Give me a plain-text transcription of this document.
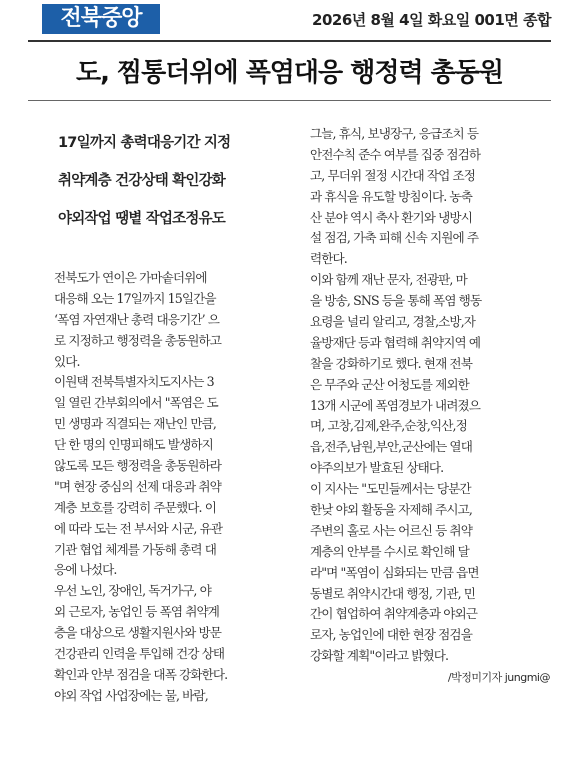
전북중앙	2026년 8월 4일 화요일 001면 종합
도, 찜통더위에 폭염대응 행정력 총동원
17일까지 총력대응기간 지정
취약계층 건강상태 확인강화
야외작업 땡볕 작업조정유도
전북도가 연이은 가마솥더위에
대응해 오는 17일까지 15일간을
‘폭염 자연재난 총력 대응기간’ 으
로 지정하고 행정력을 총동원하고
있다.
이원택 전북특별자치도지사는 3
일 열린 간부회의에서 "폭염은 도
민 생명과 직결되는 재난인 만큼,
단 한 명의 인명피해도 발생하지
않도록 모든 행정력을 총동원하라
"며 현장 중심의 선제 대응과 취약
계층 보호를 강력히 주문했다. 이
에 따라 도는 전 부서와 시군, 유관
기관 협업 체계를 가동해 총력 대
응에 나섰다.
우선 노인, 장애인, 독거가구, 야
외 근로자, 농업인 등 폭염 취약계
층을 대상으로 생활지원사와 방문
건강관리 인력을 투입해 건강 상태
확인과 안부 점검을 대폭 강화한다.
야외 작업 사업장에는 물, 바람,
그늘, 휴식, 보냉장구, 응급조치 등
안전수칙 준수 여부를 집중 점검하
고, 무더위 절정 시간대 작업 조정
과 휴식을 유도할 방침이다. 농축
산 분야 역시 축사 환기와 냉방시
설 점검, 가축 피해 신속 지원에 주
력한다.
이와 함께 재난 문자, 전광판, 마
을 방송, SNS 등을 통해 폭염 행동
요령을 널리 알리고, 경찰,소방,자
율방재단 등과 협력해 취약지역 예
찰을 강화하기로 했다. 현재 전북
은 무주와 군산 어청도를 제외한
13개 시군에 폭염경보가 내려졌으
며, 고창,김제,완주,순창,익산,정
읍,전주,남원,부안,군산에는 열대
야주의보가 발효된 상태다.
이 지사는 "도민들께서는 당분간
한낮 야외 활동을 자제해 주시고,
주변의 홀로 사는 어르신 등 취약
계층의 안부를 수시로 확인해 달
라"며 "폭염이 심화되는 만큼 읍면
동별로 취약시간대 행정, 기관, 민
간이 협업하여 취약계층과 야외근
로자, 농업인에 대한 현장 점검을
강화할 계획"이라고 밝혔다.
/박정미기자 jungmi@
